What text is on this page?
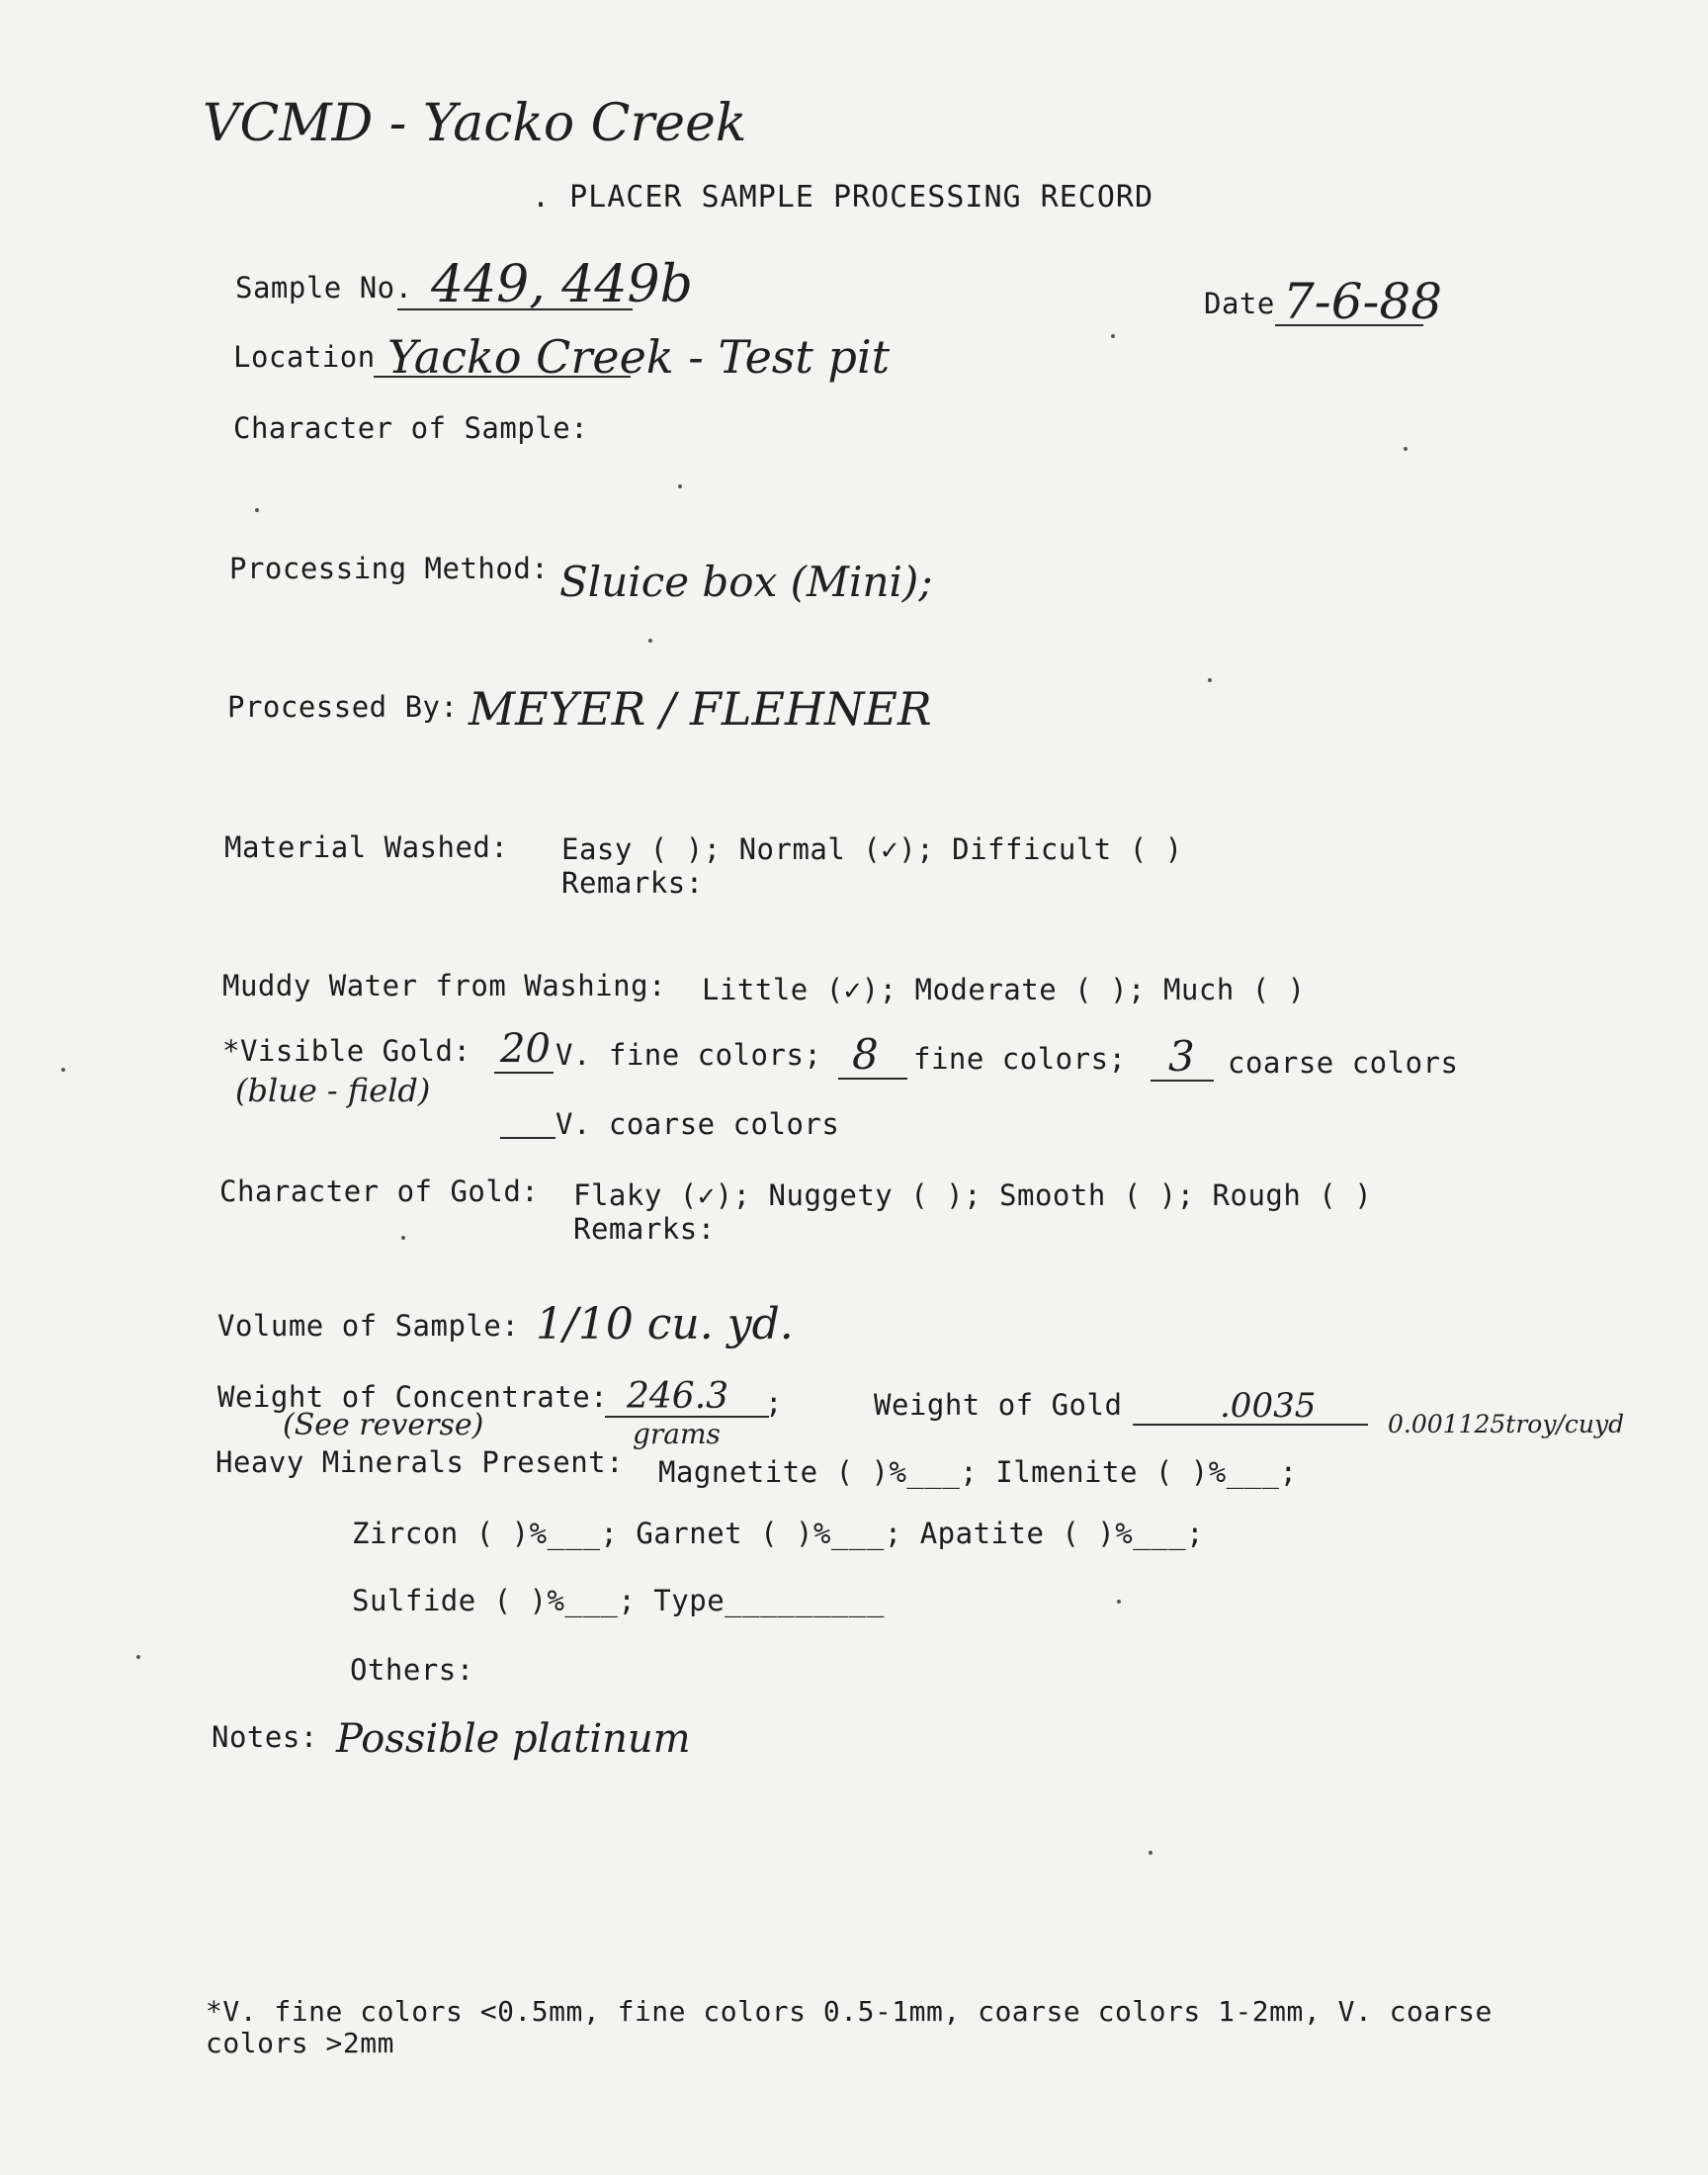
VCMD - Yacko Creek
. PLACER SAMPLE PROCESSING RECORD
Sample No. 449, 449b	Date 7-6-88
Location Yacko Creek - Test pit
Character of Sample:
Processing Method: Sluice box (Mini);
Processed By: MEYER / FLEHNER
Material Washed: Easy ( ); Normal (✓); Difficult ( )
Remarks:
Muddy Water from Washing: Little (✓); Moderate ( ); Much ( )
*Visible Gold: 20 V. fine colors; 8 fine colors; 3 coarse colors
(blue - field)
V. coarse colors
Character of Gold: Flaky (✓); Nuggety ( ); Smooth ( ); Rough ( )
Remarks:
Volume of Sample: 1/10 cu. yd.
Weight of Concentrate: 246.3 ;
(See reverse)	grams
Weight of Gold	.0035	0.001125troy/cuyd
Heavy Minerals Present: Magnetite ( )%___; Ilmenite ( )%___;
Zircon ( )%___; Garnet ( )%___; Apatite ( )%___;
Sulfide ( )%___; Type_________
Others:
Notes: Possible platinum
*V. fine colors <0.5mm, fine colors 0.5-1mm, coarse colors 1-2mm, V. coarse
colors >2mm
